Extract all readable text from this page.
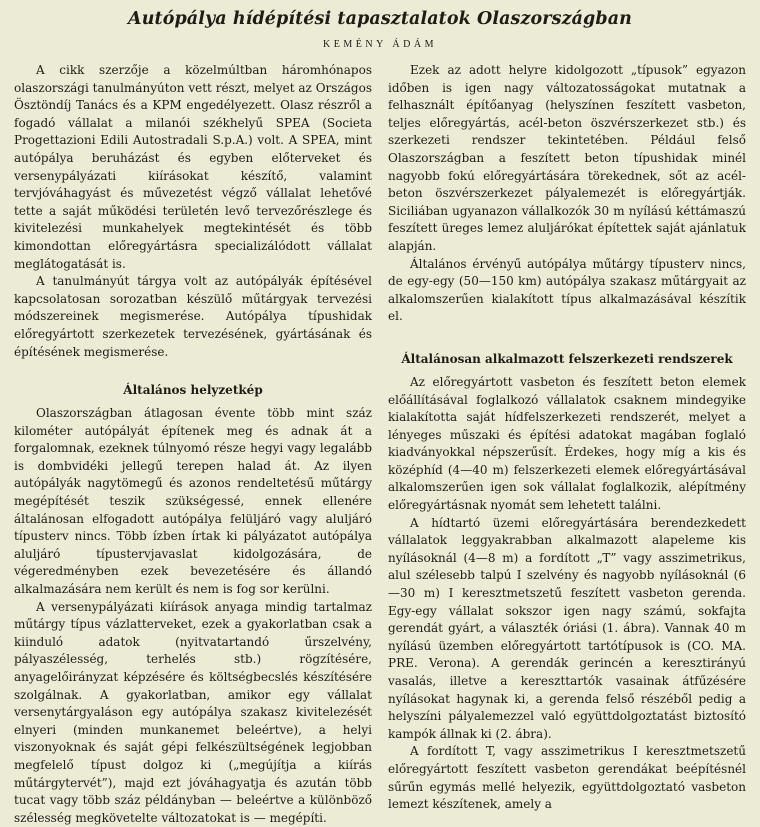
Autópálya hídépítési tapasztalatok Olaszországban
KEMÉNY ÁDÁM

A cikk szerzője a közelmúltban háromhónapos olaszországi tanulmányúton vett részt, melyet az Országos Ösztöndíj Tanács és a KPM engedélyezett. Olasz részről a fogadó vállalat a milanói székhelyű SPEA (Societa Progettazioni Edili Autostradali S.p.A.) volt. A SPEA, mint autópálya beruházást és egyben előterveket és versenypályázati kiírásokat készítő, valamint tervjóváhagyást és művezetést végző vállalat lehetővé tette a saját működési területén levő tervezőrészlege és kivitelezési munkahelyek megtekintését és több kimondottan előregyártásra specializálódott vállalat meglátogatását is.

A tanulmányút tárgya volt az autópályák építésével kapcsolatosan sorozatban készülő műtárgyak tervezési módszereinek megismerése. Autópálya típushidak előregyártott szerkezetek tervezésének, gyártásának és építésének megismerése.

Általános helyzetkép

Olaszországban átlagosan évente több mint száz kilométer autópályát építenek meg és adnak át a forgalomnak, ezeknek túlnyomó része hegyi vagy legalább is dombvidéki jellegű terepen halad át. Az ilyen autópályák nagytömegű és azonos rendeltetésű műtárgy megépítését teszik szükségessé, ennek ellenére általánosan elfogadott autópálya felüljáró vagy aluljáró típusterv nincs. Több ízben írtak ki pályázatot autópálya aluljáró típustervjavaslat kidolgozására, de végeredményben ezek bevezetésére és állandó alkalmazására nem került és nem is fog sor kerülni.

A versenypályázati kiírások anyaga mindig tartalmaz műtárgy típus vázlatterveket, ezek a gyakorlatban csak a kiinduló adatok (nyitvatartandó űrszelvény, pályaszélesség, terhelés stb.) rögzítésére, anyagelőirányzat képzésére és költségbecslés készítésére szolgálnak. A gyakorlatban, amikor egy vállalat versenytárgyaláson egy autópálya szakasz kivitelezését elnyeri (minden munkanemet beleértve), a helyi viszonyoknak és saját gépi felkészültségének legjobban megfelelő típust dolgoz ki („megújítja a kiírás műtárgytervét”), majd ezt jóváhagyatja és azután több tucat vagy több száz példányban — beleértve a különböző szélesség megkövetelte változatokat is — megépíti.

Ezek az adott helyre kidolgozott „típusok” egyazon időben is igen nagy változatosságokat mutatnak a felhasznált építőanyag (helyszínen feszített vasbeton, teljes előregyártás, acél-beton öszvérszerkezet stb.) és szerkezeti rendszer tekintetében. Például felső Olaszországban a feszített beton típushidak minél nagyobb fokú előregyártására törekednek, sőt az acél-beton öszvérszerkezet pályalemezét is előregyártják. Siciliában ugyanazon vállalkozók 30 m nyílású kéttámaszú feszített üreges lemez aluljárókat építettek saját ajánlatuk alapján.

Általános érvényű autópálya műtárgy típusterv nincs, de egy-egy (50—150 km) autópálya szakasz műtárgyait az alkalomszerűen kialakított típus alkalmazásával készítik el.

Általánosan alkalmazott felszerkezeti rendszerek

Az előregyártott vasbeton és feszített beton elemek előállításával foglalkozó vállalatok csaknem mindegyike kialakította saját hídfelszerkezeti rendszerét, melyet a lényeges műszaki és építési adatokat magában foglaló kiadványokkal népszerűsít. Érdekes, hogy míg a kis és középhíd (4—40 m) felszerkezeti elemek előregyártásával alkalomszerűen igen sok vállalat foglalkozik, alépítmény előregyártásnak nyomát sem lehetett találni.

A hídtartó üzemi előregyártására berendezkedett vállalatok leggyakrabban alkalmazott alapeleme kis nyílásoknál (4—8 m) a fordított „T” vagy asszimetrikus, alul szélesebb talpú I szelvény és nagyobb nyílásoknál (6—30 m) I keresztmetszetű feszített vasbeton gerenda. Egy-egy vállalat sokszor igen nagy számú, sokfajta gerendát gyárt, a választék óriási (1. ábra). Vannak 40 m nyílású üzemben előregyártott tartótípusok is (CO. MA. PRE. Verona). A gerendák gerincén a keresztirányú vasalás, illetve a kereszttartók vasainak átfűzésére nyílásokat hagynak ki, a gerenda felső részéből pedig a helyszíni pályalemezzel való együttdolgoztatást biztosító kampók állnak ki (2. ábra).

A fordított T, vagy asszimetrikus I keresztmetszetű előregyártott feszített vasbeton gerendákat beépítésnél sűrűn egymás mellé helyezik, együttdolgoztató vasbeton lemezt készítenek, amely a
